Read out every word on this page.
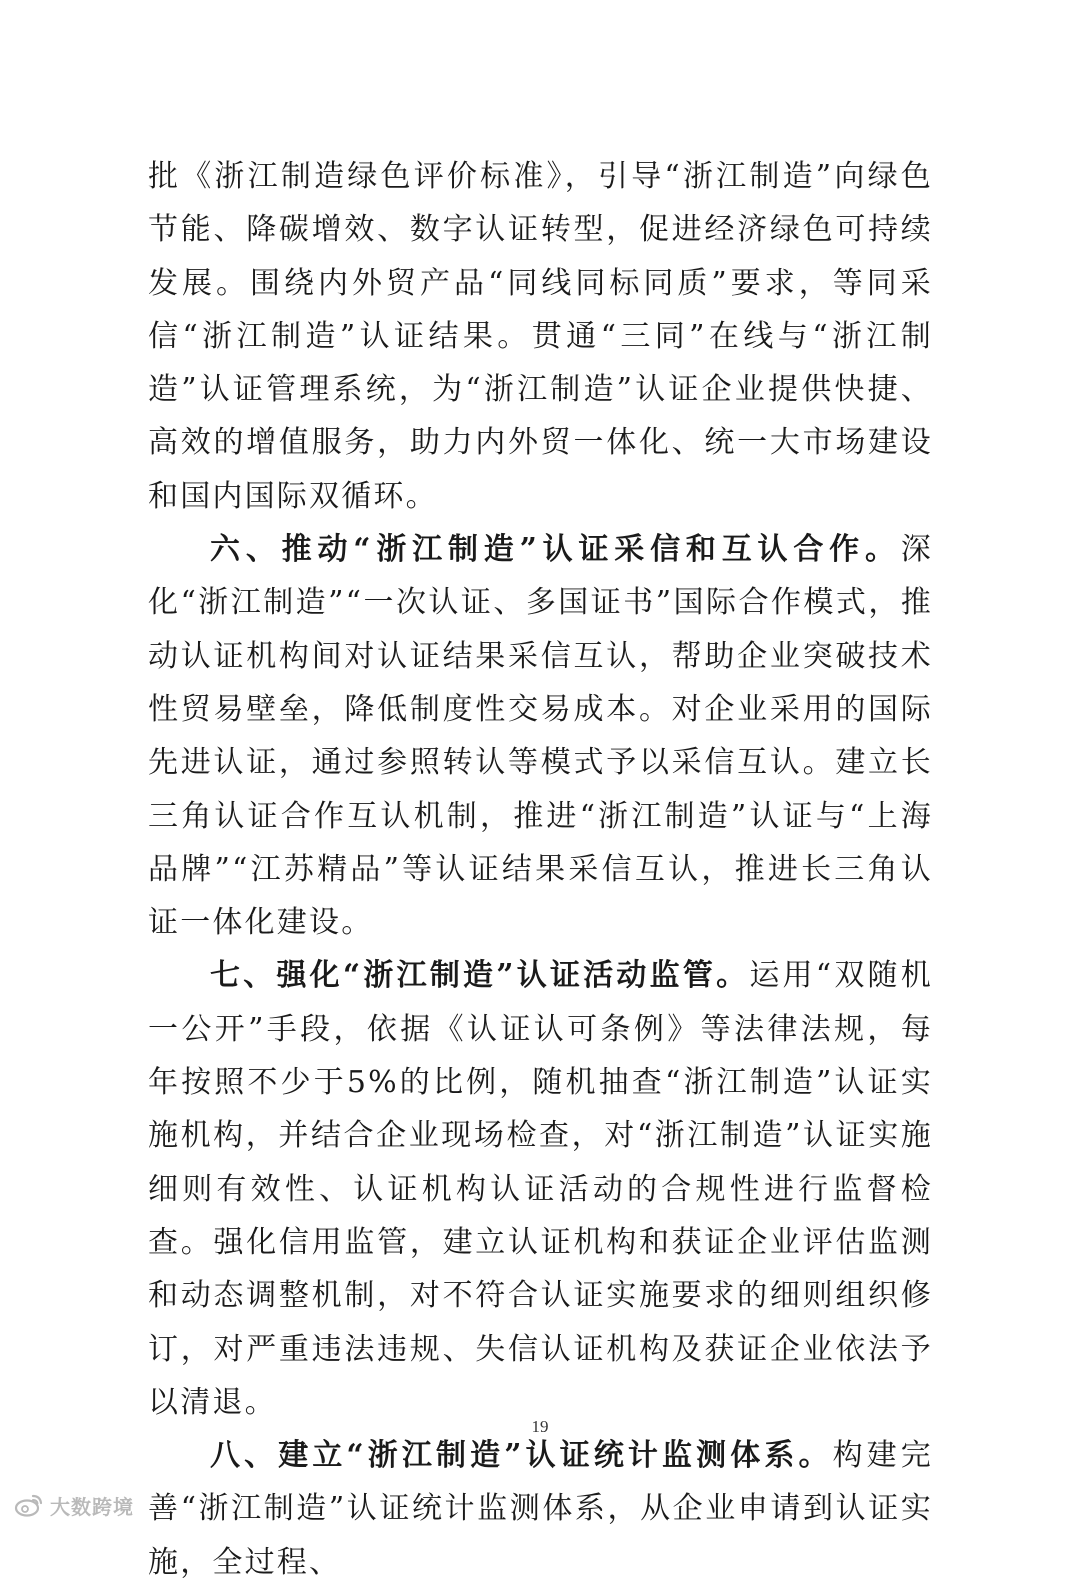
批《浙江制造绿色评价标准》，引导“浙江制造”向绿色节能、降碳增效、数字认证转型，促进经济绿色可持续发展。围绕内外贸产品“同线同标同质”要求，等同采信“浙江制造”认证结果。贯通“三同”在线与“浙江制造”认证管理系统，为“浙江制造”认证企业提供快捷、高效的增值服务，助力内外贸一体化、统一大市场建设和国内国际双循环。

六、推动“浙江制造”认证采信和互认合作。深化“浙江制造”“一次认证、多国证书”国际合作模式，推动认证机构间对认证结果采信互认，帮助企业突破技术性贸易壁垒，降低制度性交易成本。对企业采用的国际先进认证，通过参照转认等模式予以采信互认。建立长三角认证合作互认机制，推进“浙江制造”认证与“上海品牌”“江苏精品”等认证结果采信互认，推进长三角认证一体化建设。

七、强化“浙江制造”认证活动监管。运用“双随机一公开”手段，依据《认证认可条例》等法律法规，每年按照不少于5%的比例，随机抽查“浙江制造”认证实施机构，并结合企业现场检查，对“浙江制造”认证实施细则有效性、认证机构认证活动的合规性进行监督检查。强化信用监管，建立认证机构和获证企业评估监测和动态调整机制，对不符合认证实施要求的细则组织修订，对严重违法违规、失信认证机构及获证企业依法予以清退。

八、建立“浙江制造”认证统计监测体系。构建完善“浙江制造”认证统计监测体系，从企业申请到认证实施，全过程、

19
大数跨境
